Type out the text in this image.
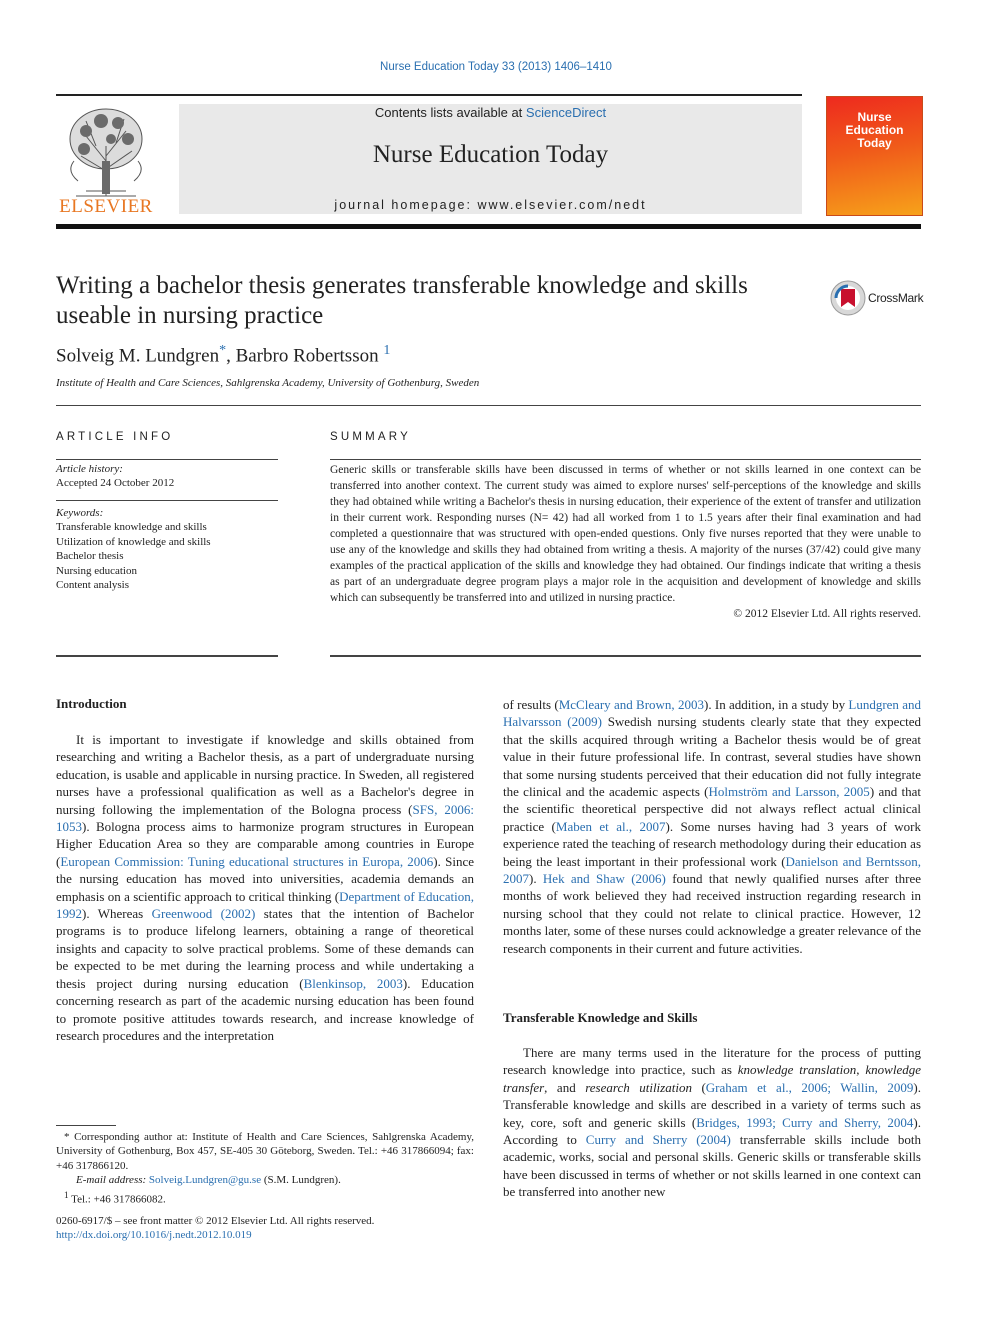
Nurse Education Today 33 (2013) 1406–1410
ELSEVIER
Contents lists available at ScienceDirect
Nurse Education Today
journal homepage: www.elsevier.com/nedt
Nurse Education Today
Writing a bachelor thesis generates transferable knowledge and skills useable in nursing practice
CrossMark
Solveig M. Lundgren*, Barbro Robertsson $^1$
Institute of Health and Care Sciences, Sahlgrenska Academy, University of Gothenburg, Sweden
ARTICLE INFO
Article history:
Accepted 24 October 2012
Keywords:
Transferable knowledge and skills
Utilization of knowledge and skills
Bachelor thesis
Nursing education
Content analysis
SUMMARY
Generic skills or transferable skills have been discussed in terms of whether or not skills learned in one context can be transferred into another context. The current study was aimed to explore nurses' self-perceptions of the knowledge and skills they had obtained while writing a Bachelor's thesis in nursing education, their experience of the extent of transfer and utilization in their current work. Responding nurses (N= 42) had all worked from 1 to 1.5 years after their final examination and had completed a questionnaire that was structured with open-ended questions. Only five nurses reported that they were unable to use any of the knowledge and skills they had obtained from writing a thesis. A majority of the nurses (37/42) could give many examples of the practical application of the skills and knowledge they had obtained. Our findings indicate that writing a thesis as part of an undergraduate degree program plays a major role in the acquisition and development of knowledge and skills which can subsequently be transferred into and utilized in nursing practice.
© 2012 Elsevier Ltd. All rights reserved.
Introduction

It is important to investigate if knowledge and skills obtained from researching and writing a Bachelor thesis, as a part of undergraduate nursing education, is usable and applicable in nursing practice. In Sweden, all registered nurses have a professional qualification as well as a Bachelor's degree in nursing following the implementation of the Bologna process (SFS, 2006: 1053). Bologna process aims to harmonize program structures in European Higher Education Area so they are comparable among countries in Europe (European Commission: Tuning educational structures in Europa, 2006). Since the nursing education has moved into universities, academia demands an emphasis on a scientific approach to critical thinking (Department of Education, 1992). Whereas Greenwood (2002) states that the intention of Bachelor programs is to produce lifelong learners, obtaining a range of theoretical insights and capacity to solve practical problems. Some of these demands can be expected to be met during the learning process and while undertaking a thesis project during nursing education (Blenkinsop, 2003). Education concerning research as part of the academic nursing education has been found to promote positive attitudes towards research, and increase knowledge of research procedures and the interpretation

* Corresponding author at: Institute of Health and Care Sciences, Sahlgrenska Academy, University of Gothenburg, Box 457, SE-405 30 Göteborg, Sweden. Tel.: +46 317866094; fax: +46 317866120.
E-mail address: Solveig.Lundgren@gu.se (S.M. Lundgren).
$^1$ Tel.: +46 317866082.
0260-6917/$ – see front matter © 2012 Elsevier Ltd. All rights reserved.
http://dx.doi.org/10.1016/j.nedt.2012.10.019

of results (McCleary and Brown, 2003). In addition, in a study by Lundgren and Halvarsson (2009) Swedish nursing students clearly state that they expected that the skills acquired through writing a Bachelor thesis would be of great value in their future professional life. In contrast, several studies have shown that some nursing students perceived that their education did not fully integrate the clinical and the academic aspects (Holmström and Larsson, 2005) and that the scientific theoretical perspective did not always reflect actual clinical practice (Maben et al., 2007). Some nurses having had 3 years of work experience rated the teaching of research methodology during their education as being the least important in their professional work (Danielson and Berntsson, 2007). Hek and Shaw (2006) found that newly qualified nurses after three months of work believed they had received instruction regarding research in nursing school that they could not relate to clinical practice. However, 12 months later, some of these nurses could acknowledge a greater relevance of the research components in their current and future activities.

Transferable Knowledge and Skills

There are many terms used in the literature for the process of putting research knowledge into practice, such as knowledge translation, knowledge transfer, and research utilization (Graham et al., 2006; Wallin, 2009). Transferable knowledge and skills are described in a variety of terms such as key, core, soft and generic skills (Bridges, 1993; Curry and Sherry, 2004). According to Curry and Sherry (2004) transferrable skills include both academic, works, social and personal skills. Generic skills or transferable skills have been discussed in terms of whether or not skills learned in one context can be transferred into another new
